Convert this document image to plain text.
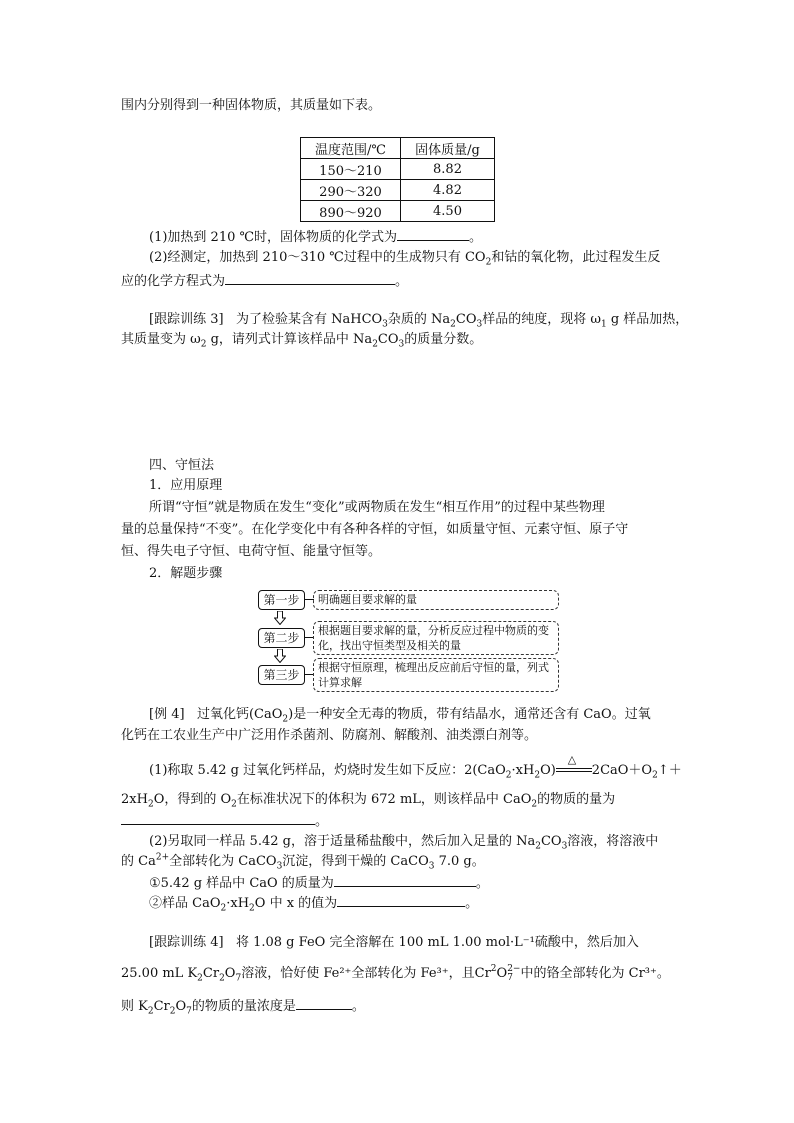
围内分别得到一种固体物质，其质量如下表。
温度范围/℃	固体质量/g
150～210	8.82
290～320	4.82
890～920	4.50
(1)加热到 210 ℃时，固体物质的化学式为	。
(2)经测定，加热到 210～310 ℃过程中的生成物只有 $CO_2$和钴的氧化物，此过程发生反
应的化学方程式为	。
[跟踪训练 3] 为了检验某含有 NaHCO$_3$杂质的 $Na_2CO_3$样品的纯度，现将 $\omega_1$ g 样品加热，
其质量变为 $\omega_2$ g，请列式计算该样品中 $Na_2CO_3$的质量分数。
四、守恒法
1．应用原理
所谓“守恒”就是物质在发生“变化”或两物质在发生“相互作用”的过程中某些物理
量的总量保持“不变”。在化学变化中有各种各样的守恒，如质量守恒、元素守恒、原子守
恒、得失电子守恒、电荷守恒、能量守恒等。
2．解题步骤
第一步	明确题目要求解的量
第二步
根据题目要求解的量，分析反应过程中物质的变化，找出守恒类型及相关的量
第三步
根据守恒原理，梳理出反应前后守恒的量，列式计算求解
[例 4] 过氧化钙(CaO$_2$)是一种安全无毒的物质，带有结晶水，通常还含有 CaO。过氧
化钙在工农业生产中广泛用作杀菌剂、防腐剂、解酸剂、油类漂白剂等。
(1)称取 5.42 g 过氧化钙样品，灼烧时发生如下反应：$2(CaO_2\cdot xH_2O)$
△
$2CaO+O_2↑+$
$2xH_2O$，得到的 $O_2$在标准状况下的体积为 672 mL，则该样品中 CaO$_2$的物质的量为
。
(2)另取同一样品 5.42 g，溶于适量稀盐酸中，然后加入足量的 $Na_2CO_3$溶液，将溶液中
的 $Ca^{2+}$全部转化为 CaCO$_3$沉淀，得到干燥的 CaCO$_3$ 7.0 g。
①5.42 g 样品中 CaO 的质量为	。
②样品 $CaO_2\cdot xH_2O$ 中 x 的值为	。
[跟踪训练 4] 将 1.08 g FeO 完全溶解在 100 mL 1.00 mol·L⁻¹硫酸中，然后加入
25.00 mL $K_2Cr_2O_7$溶液，恰好使 Fe²⁺全部转化为 Fe³⁺，且Cr2
O2−
7 中的铬全部转化为 Cr³⁺。
则 $K_2Cr_2O_7$的物质的量浓度是	。
